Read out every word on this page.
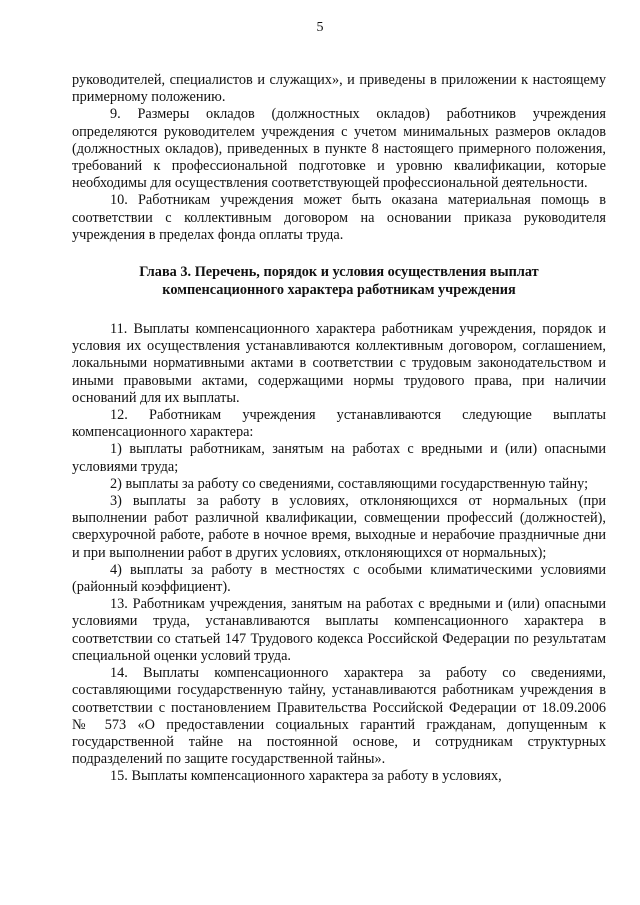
5

руководителей, специалистов и служащих», и приведены в приложении к настоящему примерному положению.

9. Размеры окладов (должностных окладов) работников учреждения определяются руководителем учреждения с учетом минимальных размеров окладов (должностных окладов), приведенных в пункте 8 настоящего примерного положения, требований к профессиональной подготовке и уровню квалификации, которые необходимы для осуществления соответствующей профессиональной деятельности.

10. Работникам учреждения может быть оказана материальная помощь в соответствии с коллективным договором на основании приказа руководителя учреждения в пределах фонда оплаты труда.

Глава 3. Перечень, порядок и условия осуществления выплат
компенсационного характера работникам учреждения

11. Выплаты компенсационного характера работникам учреждения, порядок и условия их осуществления устанавливаются коллективным договором, соглашением, локальными нормативными актами в соответствии с трудовым законодательством и иными правовыми актами, содержащими нормы трудового права, при наличии оснований для их выплаты.

12. Работникам учреждения устанавливаются следующие выплаты компенсационного характера:

1) выплаты работникам, занятым на работах с вредными и (или) опасными условиями труда;

2) выплаты за работу со сведениями, составляющими государственную тайну;

3) выплаты за работу в условиях, отклоняющихся от нормальных (при выполнении работ различной квалификации, совмещении профессий (должностей), сверхурочной работе, работе в ночное время, выходные и нерабочие праздничные дни и при выполнении работ в других условиях, отклоняющихся от нормальных);

4) выплаты за работу в местностях с особыми климатическими условиями (районный коэффициент).

13. Работникам учреждения, занятым на работах с вредными и (или) опасными условиями труда, устанавливаются выплаты компенсационного характера в соответствии со статьей 147 Трудового кодекса Российской Федерации по результатам специальной оценки условий труда.

14. Выплаты компенсационного характера за работу со сведениями, составляющими государственную тайну, устанавливаются работникам учреждения в соответствии с постановлением Правительства Российской Федерации от 18.09.2006 № 573 «О предоставлении социальных гарантий гражданам, допущенным к государственной тайне на постоянной основе, и сотрудникам структурных подразделений по защите государственной тайны».

15. Выплаты компенсационного характера за работу в условиях,
